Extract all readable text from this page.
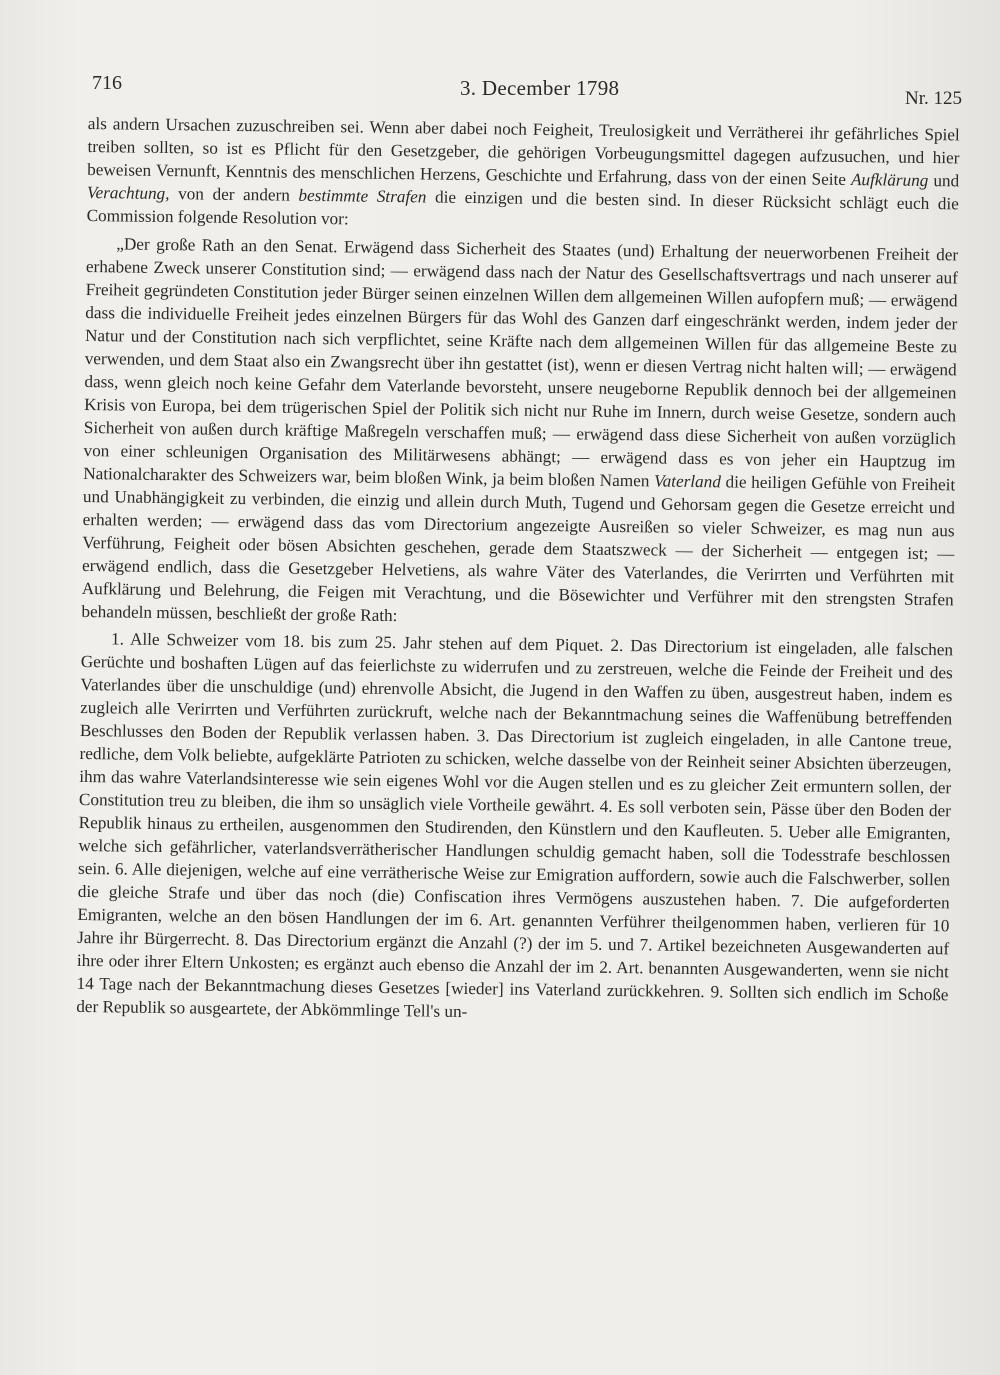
716	3. December 1798	Nr. 125

als andern Ursachen zuzuschreiben sei. Wenn aber dabei noch Feigheit, Treulosigkeit und Verrätherei ihr gefährliches Spiel treiben sollten, so ist es Pflicht für den Gesetzgeber, die gehörigen Vorbeugungsmittel dagegen aufzusuchen, und hier beweisen Vernunft, Kenntnis des menschlichen Herzens, Geschichte und Erfahrung, dass von der einen Seite Aufklärung und Verachtung, von der andern bestimmte Strafen die einzigen und die besten sind. In dieser Rücksicht schlägt euch die Commission folgende Resolution vor:

„Der große Rath an den Senat. Erwägend dass Sicherheit des Staates (und) Erhaltung der neuerworbenen Freiheit der erhabene Zweck unserer Constitution sind; — erwägend dass nach der Natur des Gesellschaftsvertrags und nach unserer auf Freiheit gegründeten Constitution jeder Bürger seinen einzelnen Willen dem allgemeinen Willen aufopfern muß; — erwägend dass die individuelle Freiheit jedes einzelnen Bürgers für das Wohl des Ganzen darf eingeschränkt werden, indem jeder der Natur und der Constitution nach sich verpflichtet, seine Kräfte nach dem allgemeinen Willen für das allgemeine Beste zu verwenden, und dem Staat also ein Zwangsrecht über ihn gestattet (ist), wenn er diesen Vertrag nicht halten will; — erwägend dass, wenn gleich noch keine Gefahr dem Vaterlande bevorsteht, unsere neugeborne Republik dennoch bei der allgemeinen Krisis von Europa, bei dem trügerischen Spiel der Politik sich nicht nur Ruhe im Innern, durch weise Gesetze, sondern auch Sicherheit von außen durch kräftige Maßregeln verschaffen muß; — erwägend dass diese Sicherheit von außen vorzüglich von einer schleunigen Organisation des Militärwesens abhängt; — erwägend dass es von jeher ein Hauptzug im Nationalcharakter des Schweizers war, beim bloßen Wink, ja beim bloßen Namen Vaterland die heiligen Gefühle von Freiheit und Unabhängigkeit zu verbinden, die einzig und allein durch Muth, Tugend und Gehorsam gegen die Gesetze erreicht und erhalten werden; — erwägend dass das vom Directorium angezeigte Ausreißen so vieler Schweizer, es mag nun aus Verführung, Feigheit oder bösen Absichten geschehen, gerade dem Staatszweck — der Sicherheit — entgegen ist; — erwägend endlich, dass die Gesetzgeber Helvetiens, als wahre Väter des Vaterlandes, die Verirrten und Verführten mit Aufklärung und Belehrung, die Feigen mit Verachtung, und die Bösewichter und Verführer mit den strengsten Strafen behandeln müssen, beschließt der große Rath:

1. Alle Schweizer vom 18. bis zum 25. Jahr stehen auf dem Piquet. 2. Das Directorium ist eingeladen, alle falschen Gerüchte und boshaften Lügen auf das feierlichste zu widerrufen und zu zerstreuen, welche die Feinde der Freiheit und des Vaterlandes über die unschuldige (und) ehrenvolle Absicht, die Jugend in den Waffen zu üben, ausgestreut haben, indem es zugleich alle Verirrten und Verführten zurückruft, welche nach der Bekanntmachung seines die Waffenübung betreffenden Beschlusses den Boden der Republik verlassen haben. 3. Das Directorium ist zugleich eingeladen, in alle Cantone treue, redliche, dem Volk beliebte, aufgeklärte Patrioten zu schicken, welche dasselbe von der Reinheit seiner Absichten überzeugen, ihm das wahre Vaterlandsinteresse wie sein eigenes Wohl vor die Augen stellen und es zu gleicher Zeit ermuntern sollen, der Constitution treu zu bleiben, die ihm so unsäglich viele Vortheile gewährt. 4. Es soll verboten sein, Pässe über den Boden der Republik hinaus zu ertheilen, ausgenommen den Studirenden, den Künstlern und den Kaufleuten. 5. Ueber alle Emigranten, welche sich gefährlicher, vaterlandsverrätherischer Handlungen schuldig gemacht haben, soll die Todesstrafe beschlossen sein. 6. Alle diejenigen, welche auf eine verrätherische Weise zur Emigration auffordern, sowie auch die Falschwerber, sollen die gleiche Strafe und über das noch (die) Confiscation ihres Vermögens auszustehen haben. 7. Die aufgeforderten Emigranten, welche an den bösen Handlungen der im 6. Art. genannten Verführer theilgenommen haben, verlieren für 10 Jahre ihr Bürgerrecht. 8. Das Directorium ergänzt die Anzahl (?) der im 5. und 7. Artikel bezeichneten Ausgewanderten auf ihre oder ihrer Eltern Unkosten; es ergänzt auch ebenso die Anzahl der im 2. Art. benannten Ausgewanderten, wenn sie nicht 14 Tage nach der Bekanntmachung dieses Gesetzes [wieder] ins Vaterland zurückkehren. 9. Sollten sich endlich im Schoße der Republik so ausgeartete, der Abkömmlinge Tell's un-
